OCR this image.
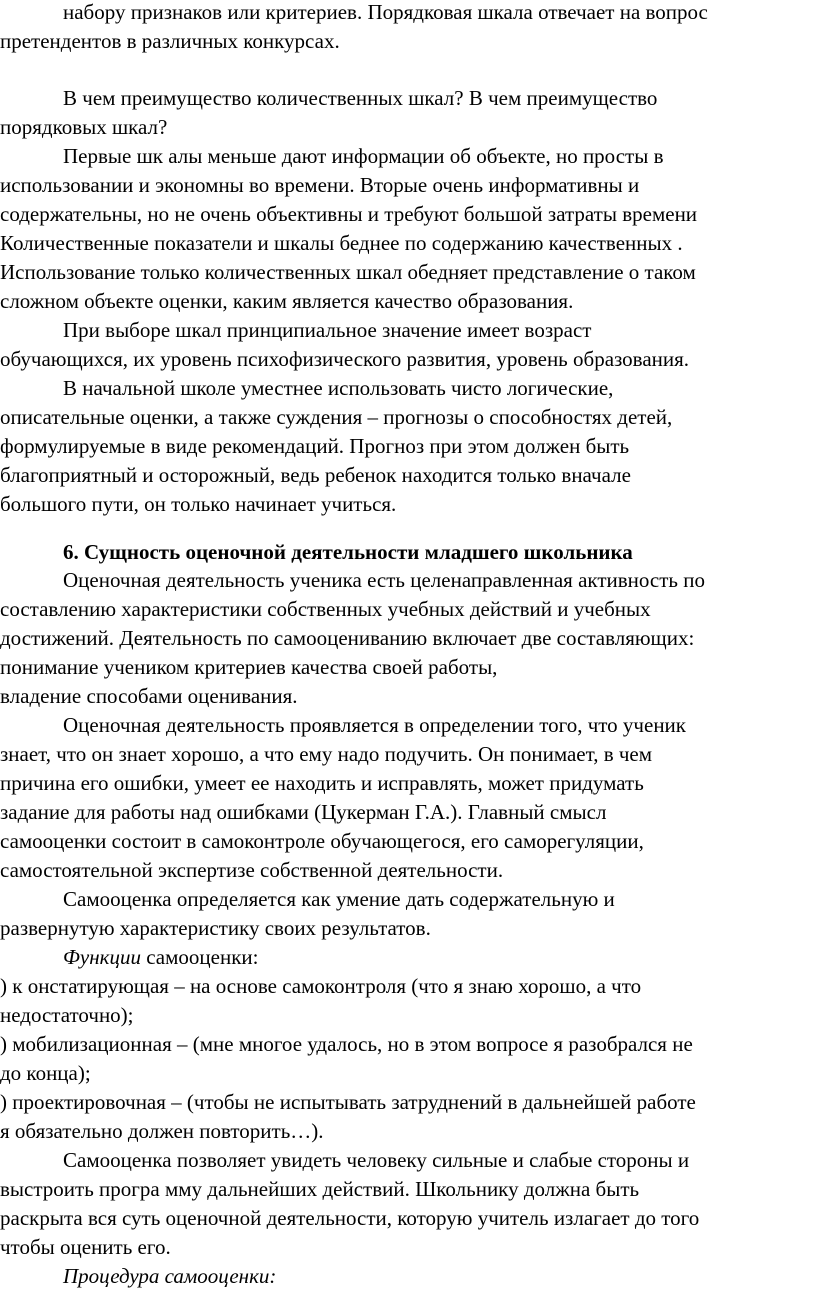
набору признаков или критериев. Порядковая шкала отвечает на вопрос
претендентов в различных конкурсах.
В чем преимущество количественных шкал? В чем преимущество
порядковых шкал?
Первые шк алы меньше дают информации об объекте, но просты в
использовании и экономны во времени. Вторые очень информативны и
содержательны, но не очень объективны и требуют большой затраты времени
Количественные показатели и шкалы беднее по содержанию качественных .
Использование только количественных шкал обедняет представление о таком
сложном объекте оценки, каким является качество образования.
При выборе шкал принципиальное значение имеет возраст
обучающихся, их уровень психофизического развития, уровень образования.
В начальной школе уместнее использовать чисто логические,
описательные оценки, а также суждения – прогнозы о способностях детей,
формулируемые в виде рекомендаций. Прогноз при этом должен быть
благоприятный и осторожный, ведь ребенок находится только вначале
большого пути, он только начинает учиться.
6. Сущность оценочной деятельности младшего школьника
Оценочная деятельность ученика есть целенаправленная активность по
составлению характеристики собственных учебных действий и учебных
достижений. Деятельность по самооцениванию включает две составляющих:
понимание учеником критериев качества своей работы,
владение способами оценивания.
Оценочная деятельность проявляется в определении того, что ученик
знает, что он знает хорошо, а что ему надо подучить. Он понимает, в чем
причина его ошибки, умеет ее находить и исправлять, может придумать
задание для работы над ошибками (Цукерман Г.А.). Главный смысл
самооценки состоит в самоконтроле обучающегося, его саморегуляции,
самостоятельной экспертизе собственной деятельности.
Самооценка определяется как умение дать содержательную и
развернутую характеристику своих результатов.
Функции самооценки:
) к онстатирующая – на основе самоконтроля (что я знаю хорошо, а что
недостаточно);
) мобилизационная – (мне многое удалось, но в этом вопросе я разобрался не
до конца);
) проектировочная – (чтобы не испытывать затруднений в дальнейшей работе
я обязательно должен повторить…).
Самооценка позволяет увидеть человеку сильные и слабые стороны и
выстроить програ мму дальнейших действий. Школьнику должна быть
раскрыта вся суть оценочной деятельности, которую учитель излагает до того
чтобы оценить его.
Процедура самооценки:
